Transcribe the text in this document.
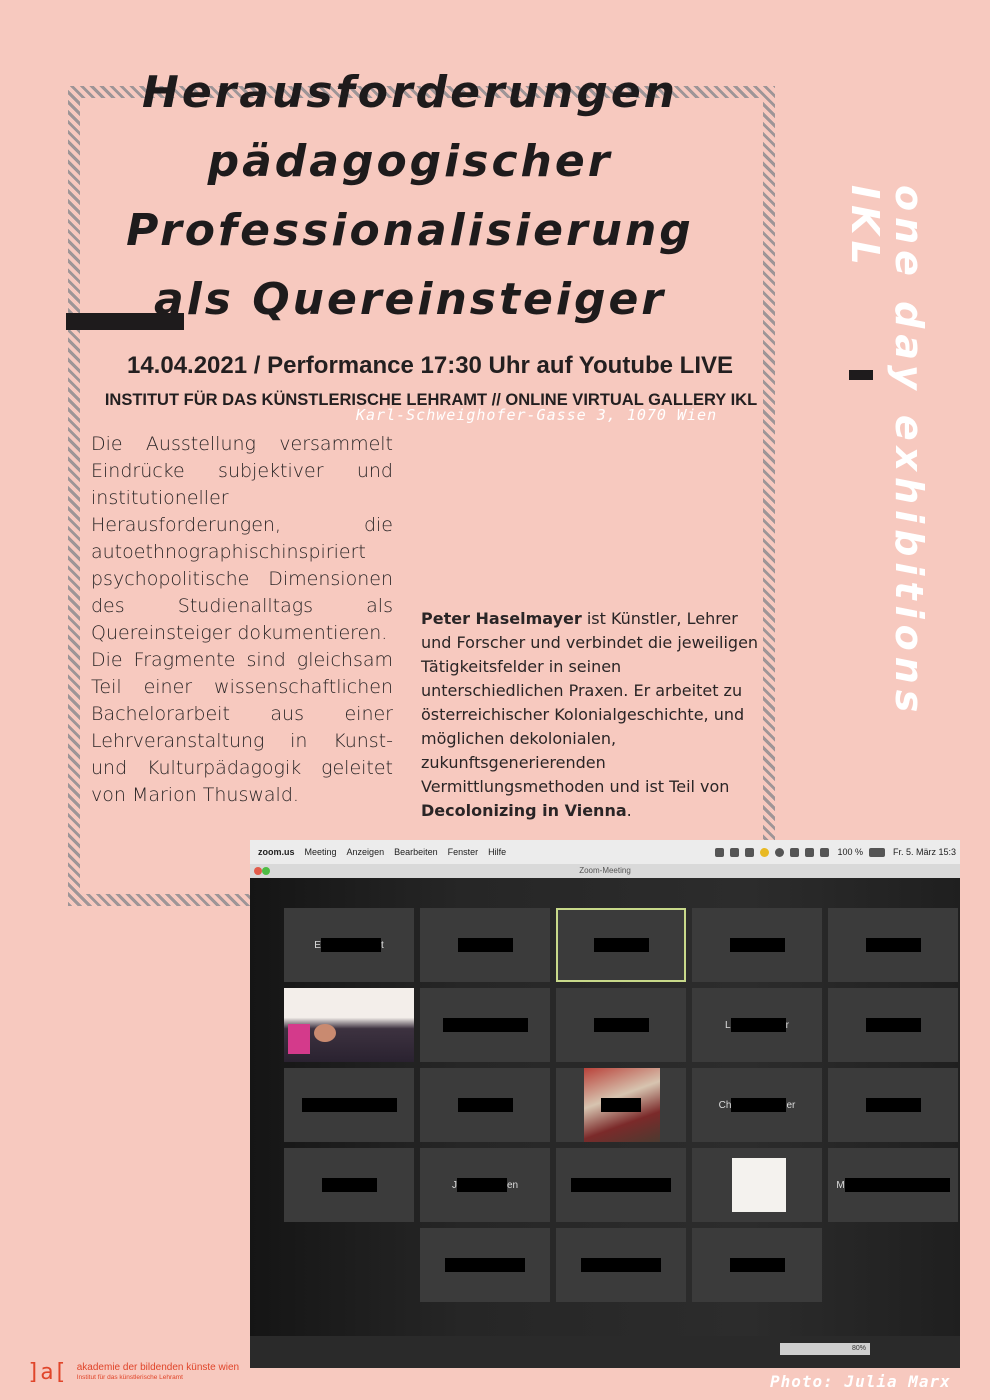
Herausforderungen
pädagogischer
Professionalisierung
als Quereinsteiger
14.04.2021 / Performance 17:30 Uhr auf Youtube LIVE
INSTITUT FÜR DAS KÜNSTLERISCHE LEHRAMT // ONLINE VIRTUAL GALLERY IKL
Karl-Schweighofer-Gasse 3, 1070 Wien
Die Ausstellung versammelt Eindrücke subjektiver und institutioneller Herausforderungen, die autoethnographischinspiriert psychopolitische Dimensionen des Studienalltags als Quereinsteiger dokumentieren.
Die Fragmente sind gleichsam Teil einer wissenschaftlichen Bachelorarbeit aus einer Lehrveranstaltung in Kunst- und Kulturpädagogik geleitet von Marion Thuswald.

Peter Haselmayer ist Künstler, Lehrer und Forscher und verbindet die jeweiligen Tätigkeitsfelder in seinen unterschiedlichen Praxen. Er arbeitet zu österreichischer Kolonialgeschichte, und möglichen dekolonialen, zukunftsgenerierenden Vermittlungsmethoden und ist Teil von Decolonizing in Vienna.

one day exhibitions IKL
zoom.us Meeting Anzeigen Bearbeiten Fenster Hilfe	100 %	Fr. 5. März 15:3
Zoom-Meeting
E	t
L	r
Ch	er
J	en	M
80%
Photo: Julia Marx
]a[ akademie der bildenden künste wien
Institut für das künstlerische Lehramt
